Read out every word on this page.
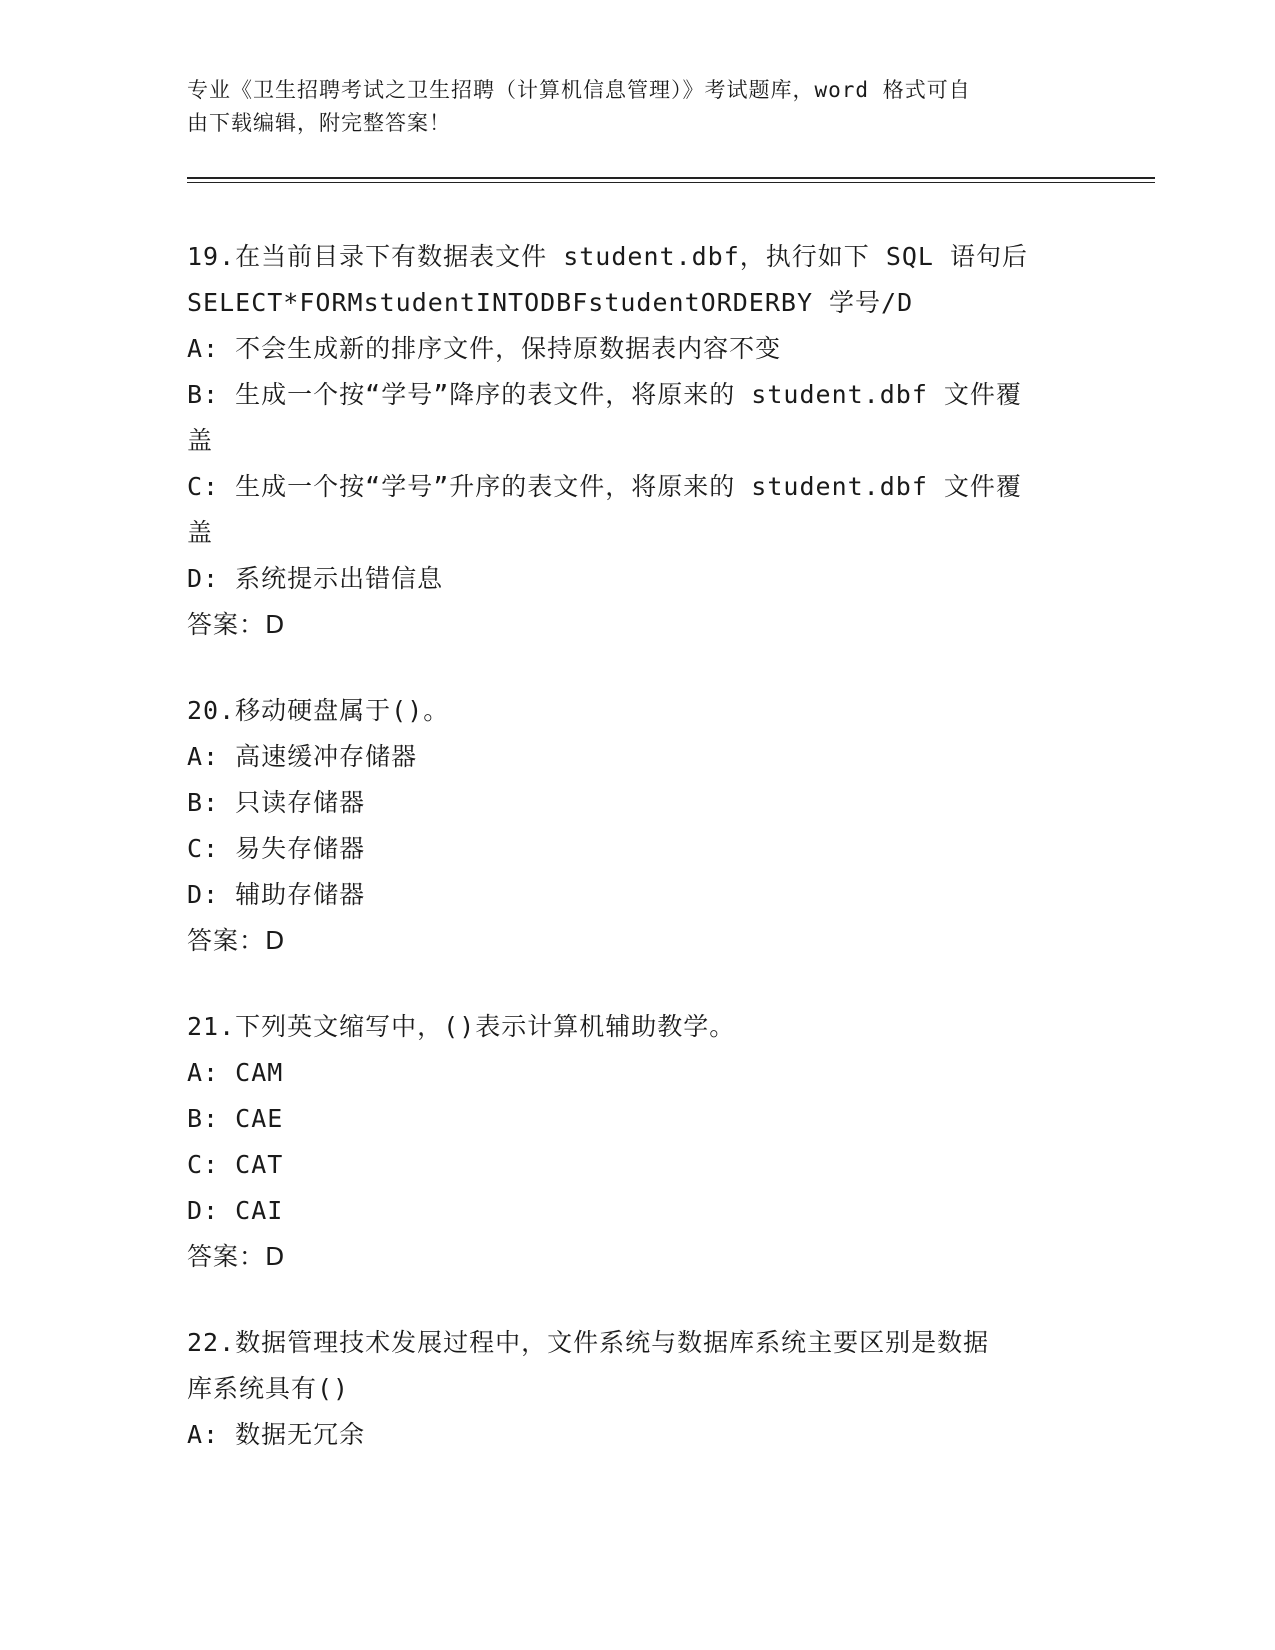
专业《卫生招聘考试之卫生招聘（计算机信息管理）》考试题库，word 格式可自
由下载编辑，附完整答案！
19.在当前目录下有数据表文件 student.dbf，执行如下 SQL 语句后
SELECT*FORMstudentINTODBFstudentORDERBY 学号/D
A: 不会生成新的排序文件，保持原数据表内容不变
B: 生成一个按“学号”降序的表文件，将原来的 student.dbf 文件覆
盖
C: 生成一个按“学号”升序的表文件，将原来的 student.dbf 文件覆
盖
D: 系统提示出错信息
答案：D
20.移动硬盘属于()。
A: 高速缓冲存储器
B: 只读存储器
C: 易失存储器
D: 辅助存储器
答案：D
21.下列英文缩写中，()表示计算机辅助教学。
A: CAM
B: CAE
C: CAT
D: CAI
答案：D
22.数据管理技术发展过程中，文件系统与数据库系统主要区别是数据
库系统具有()
A: 数据无冗余
